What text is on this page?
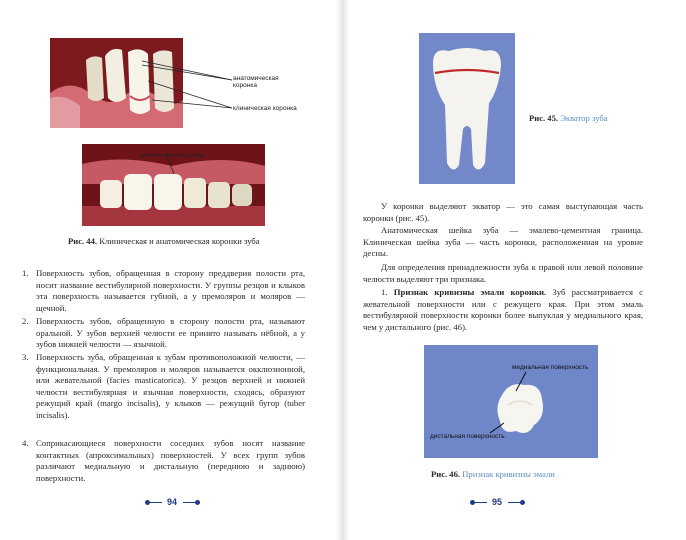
анатомическая
коронка
клиническая коронка
клиническая коронка
Рис. 44. Клиническая и анатомическая коронки зуба
1. Поверхность зубов, обращенная в сторону преддверия полости рта, носит название вестибулярной поверхности. У группы резцов и клыков эта поверхность называется губной, а у премоляров и моляров — щечной.
2. Поверхность зубов, обращенную в сторону полости рта, называют оральной. У зубов верхней челюсти ее принято называть нёбной, а у зубов нижней челюсти — язычной.
3. Поверхность зуба, обращенная к зубам противоположной челюсти, — функциональная. У премоляров и моляров называется окклюзионной, или жевательной (facies masticatorica). У резцов верхней и нижней челюсти вестибулярная и язычная поверхности, сходясь, образуют режущий край (margo incisalis), у клыков — режущий бугор (tuber incisalis).
4. Соприкасающиеся поверхности соседних зубов носят название контактных (апроксимальных) поверхностей. У всех групп зубов различают медиальную и дистальную (переднюю и заднюю) поверхности.
94
Рис. 45. Экватор зуба
У коронки выделяют экватор — это самая выступающая часть коронки (рис. 45).
Анатомическая шейка зуба — эмалево-цементная граница. Клиническая шейка зуба — часть коронки, расположенная на уровне десны.
Для определения принадлежности зуба к правой или левой половине челюсти выделяют три признака.
1. Признак кривизны эмали коронки. Зуб рассматривается с жевательной поверхности или с режущего края. При этом эмаль вестибулярной поверхности коронки более выпуклая у медиального края, чем у дистального (рис. 46).
медиальная поверхность
дистальная поверхность
Рис. 46. Признак кривизны эмали
95
